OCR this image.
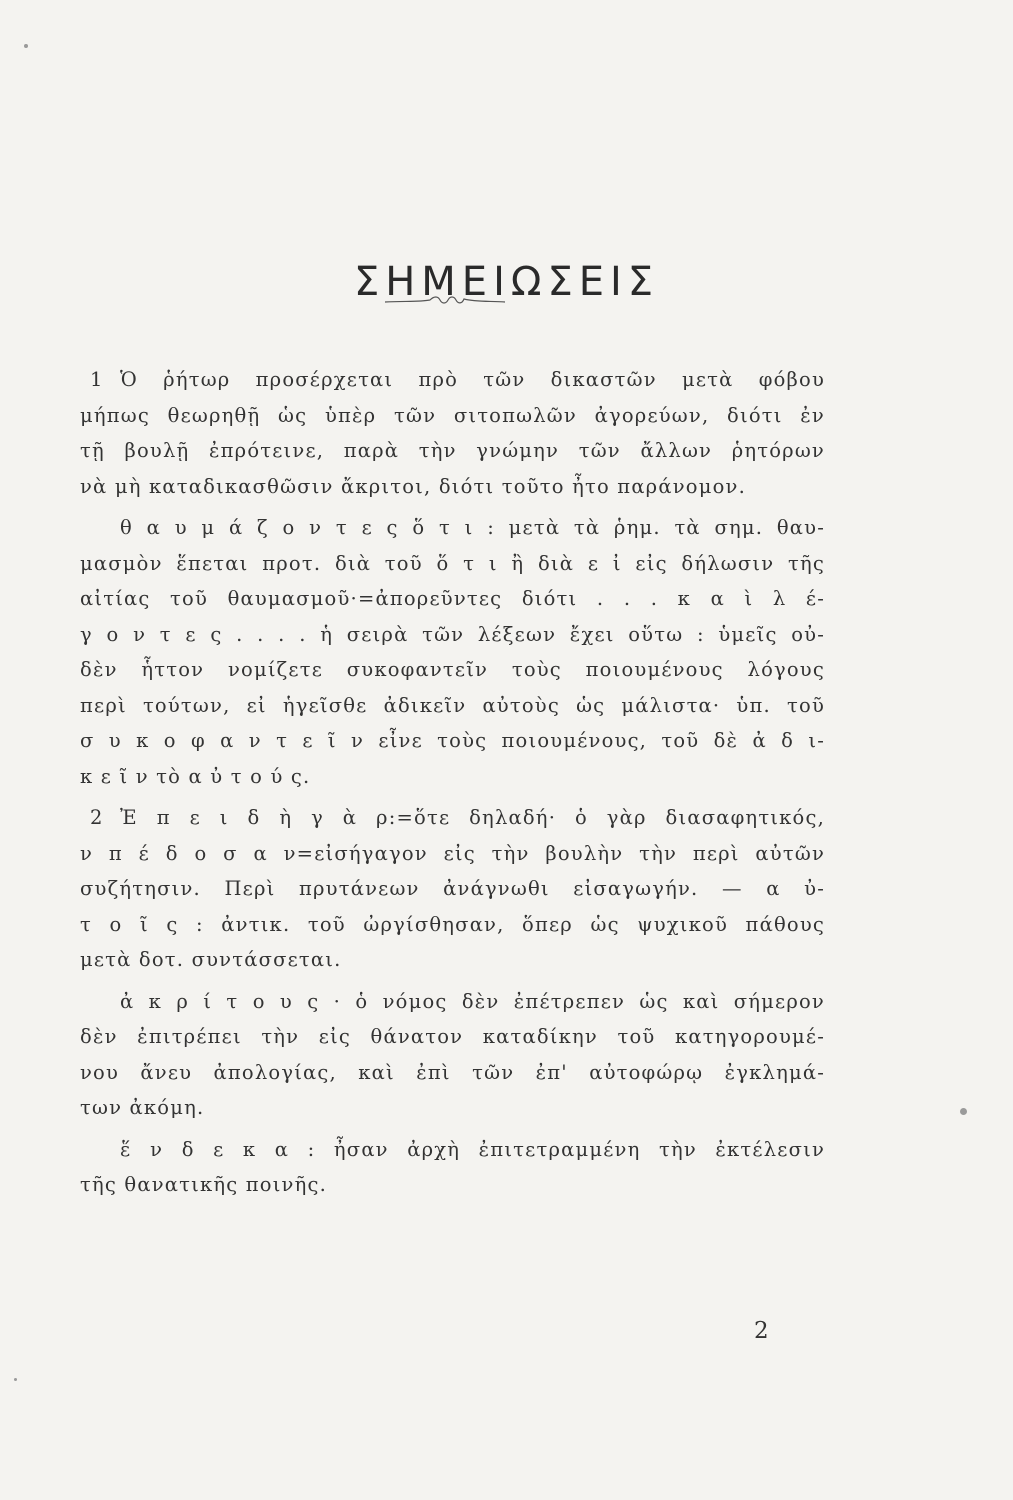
ΣΗΜΕΙΩΣΕΙΣ
1 Ὁ ῥήτωρ προσέρχεται πρὸ τῶν δικαστῶν μετὰ φόβου
μήπως θεωρηθῇ ὡς ὑπὲρ τῶν σιτοπωλῶν ἀγορεύων, διότι ἐν
τῇ βουλῇ ἐπρότεινε, παρὰ τὴν γνώμην τῶν ἄλλων ῥητόρων
νὰ μὴ καταδικασθῶσιν ἄκριτοι, διότι τοῦτο ἦτο παράνομον.
θ α υ μ ά ζ ο ν τ ε ς ὅ τ ι : μετὰ τὰ ῥημ. τὰ σημ. θαυ-
μασμὸν ἕπεται προτ. διὰ τοῦ ὅ τ ι ἢ διὰ ε ἰ εἰς δήλωσιν τῆς
αἰτίας τοῦ θαυμασμοῦ·=ἀπορεῦντες διότι . . . κ α ὶ λ έ-
γ ο ν τ ε ς . . . . ἡ σειρὰ τῶν λέξεων ἔχει οὕτω : ὑμεῖς οὐ-
δὲν ἧττον νομίζετε συκοφαντεῖν τοὺς ποιουμένους λόγους
περὶ τούτων, εἰ ἡγεῖσθε ἀδικεῖν αὐτοὺς ὡς μάλιστα· ὑπ. τοῦ
σ υ κ ο φ α ν τ ε ῖ ν εἶνε τοὺς ποιουμένους, τοῦ δὲ ἀ δ ι-
κ ε ῖ ν τὸ α ὐ τ ο ύ ς.
2 Ἐ π ε ι δ ὴ γ ὰ ρ:=ὅτε δηλαδή· ὁ γὰρ διασαφητικός,
ν π έ δ ο σ α ν=εἰσήγαγον εἰς τὴν βουλὴν τὴν περὶ αὐτῶν
συζήτησιν. Περὶ πρυτάνεων ἀνάγνωθι εἰσαγωγήν. — α ὐ-
τ ο ῖ ς : ἀντικ. τοῦ ὠργίσθησαν, ὅπερ ὡς ψυχικοῦ πάθους
μετὰ δοτ. συντάσσεται.
ἀ κ ρ ί τ ο υ ς · ὁ νόμος δὲν ἐπέτρεπεν ὡς καὶ σήμερον
δὲν ἐπιτρέπει τὴν εἰς θάνατον καταδίκην τοῦ κατηγορουμέ-
νου ἄνευ ἀπολογίας, καὶ ἐπὶ τῶν ἐπ' αὐτοφώρῳ ἐγκλημά-
των ἀκόμη.
ἕ ν δ ε κ α : ἦσαν ἀρχὴ ἐπιτετραμμένη τὴν ἐκτέλεσιν
τῆς θανατικῆς ποινῆς.
2
